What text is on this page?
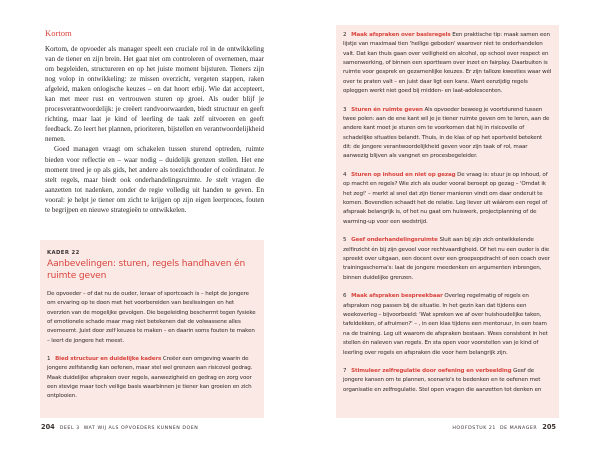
Kortom

Kortom, de opvoeder als manager speelt een cruciale rol in de ontwikkeling van de tiener en zijn brein. Het gaat niet om controleren of overnemen, maar om begeleiden, structureren en op het juiste moment bijsturen. Tieners zijn nog volop in ontwikkeling: ze missen overzicht, vergeten stappen, raken afgeleid, maken onlogische keuzes – en dat hoort erbij. Wie dat accepteert, kan met meer rust en vertrouwen sturen op groei. Als ouder blijf je procesverantwoordelijk: je creëert randvoorwaarden, biedt structuur en geeft richting, maar laat je kind of leerling de taak zelf uitvoeren en geeft feedback. Zo leert het plannen, prioriteren, bijstellen en verantwoordelijkheid nemen.

Goed managen vraagt om schakelen tussen sturend optreden, ruimte bieden voor reflectie en – waar nodig – duidelijk grenzen stellen. Het ene moment treed je op als gids, het andere als toezichthouder of coördinator. Je stelt regels, maar biedt ook onderhandelingsruimte. Je stelt vragen die aanzetten tot nadenken, zonder de regie volledig uit handen te geven. En vooral: je helpt je tiener om zicht te krijgen op zijn eigen leerproces, fouten te begrijpen en nieuwe strategieën te ontwikkelen.

KADER 22
Aanbevelingen: sturen, regels handhaven én ruimte geven
De opvoeder – of dat nu de ouder, leraar of sportcoach is – helpt de jongere om ervaring op te doen met het voorbereiden van beslissingen en het overzien van de mogelijke gevolgen. Die begeleiding beschermt tegen fysieke of emotionele schade maar mag niet betekenen dat de volwassene alles overneemt. Juist door zelf keuzes te maken – en daarin soms fouten te maken – leert de jongere het meest.
1 Bied structuur en duidelijke kaders Creëer een omgeving waarin de jongere zelfstandig kan oefenen, maar stel wel grenzen aan risicovol gedrag. Maak duidelijke afspraken over regels, aanwezigheid en gedrag en zorg voor een stevige maar toch veilige basis waarbinnen je tiener kan groeien en zich ontplooien.
204 DEEL 3 WAT WIJ ALS OPVOEDERS KUNNEN DOEN
2 Maak afspraken over basisregels Een praktische tip: maak samen een lijstje van maximaal tien 'heilige geboden' waarover niet te onderhandelen valt. Dat kan thuis gaan over veiligheid en alcohol, op school over respect en samenwerking, of binnen een sportteam over inzet en fairplay. Daarbuiten is ruimte voor gesprek en gezamenlijke keuzes. Er zijn talloze kwesties waar wél over te praten valt – en juist daar ligt een kans. Want eenzijdig regels opleggen werkt niet goed bij midden- en laat-adolescenten.
3 Sturen én ruimte geven Als opvoeder beweeg je voortdurend tussen twee polen: aan de ene kant wil je je tiener ruimte geven om te leren, aan de andere kant moet je sturen om te voorkomen dat hij in risicovolle of schadelijke situaties belandt. Thuis, in de klas of op het sportveld betekent dit: de jongere verantwoordelijkheid geven voor zijn taak of rol, maar aanwezig blijven als vangnet en procesbegeleider.
4 Sturen op inhoud en niet op gezag De vraag is: stuur je op inhoud, of op macht en regels? Wie zich als ouder vooral beroept op gezag – 'Omdat ik het zeg!' – merkt al snel dat zijn tiener manieren vindt om daar onderuit te komen. Bovendien schaadt het de relatie. Leg liever uit wáárom een regel of afspraak belangrijk is, of het nu gaat om huiswerk, projectplanning of de warming-up voor een wedstrijd.
5 Geef onderhandelingsruimte Sluit aan bij zijn zich ontwikkelende zelfinzicht én bij zijn gevoel voor rechtvaardigheid. Of het nu een ouder is die spreekt over uitgaan, een docent over een groepsopdracht of een coach over trainingsschema's: laat de jongere meedenken en argumenten inbrengen, binnen duidelijke grenzen.
6 Maak afspraken bespreekbaar Overleg regelmatig of regels en afspraken nog passen bij de situatie. In het gezin kan dat tijdens een weekoverleg – bijvoorbeeld: 'Wat spreken we af over huishoudelijke taken, tafeldekken, of afruimen?' – , in een klas tijdens een mentoruur, in een team na de training. Leg uit waarom de afspraken bestaan. Wees consistent in het stellen én naleven van regels. En sta open voor voorstellen van je kind of leerling over regels en afspraken die voor hem belangrijk zijn.
7 Stimuleer zelfregulatie door oefening en verbeelding Geef de jongere kansen om te plannen, scenario's te bedenken en te oefenen met organisatie en zelfregulatie. Stel open vragen die aanzetten tot denken en
HOOFDSTUK 21 DE MANAGER 205
